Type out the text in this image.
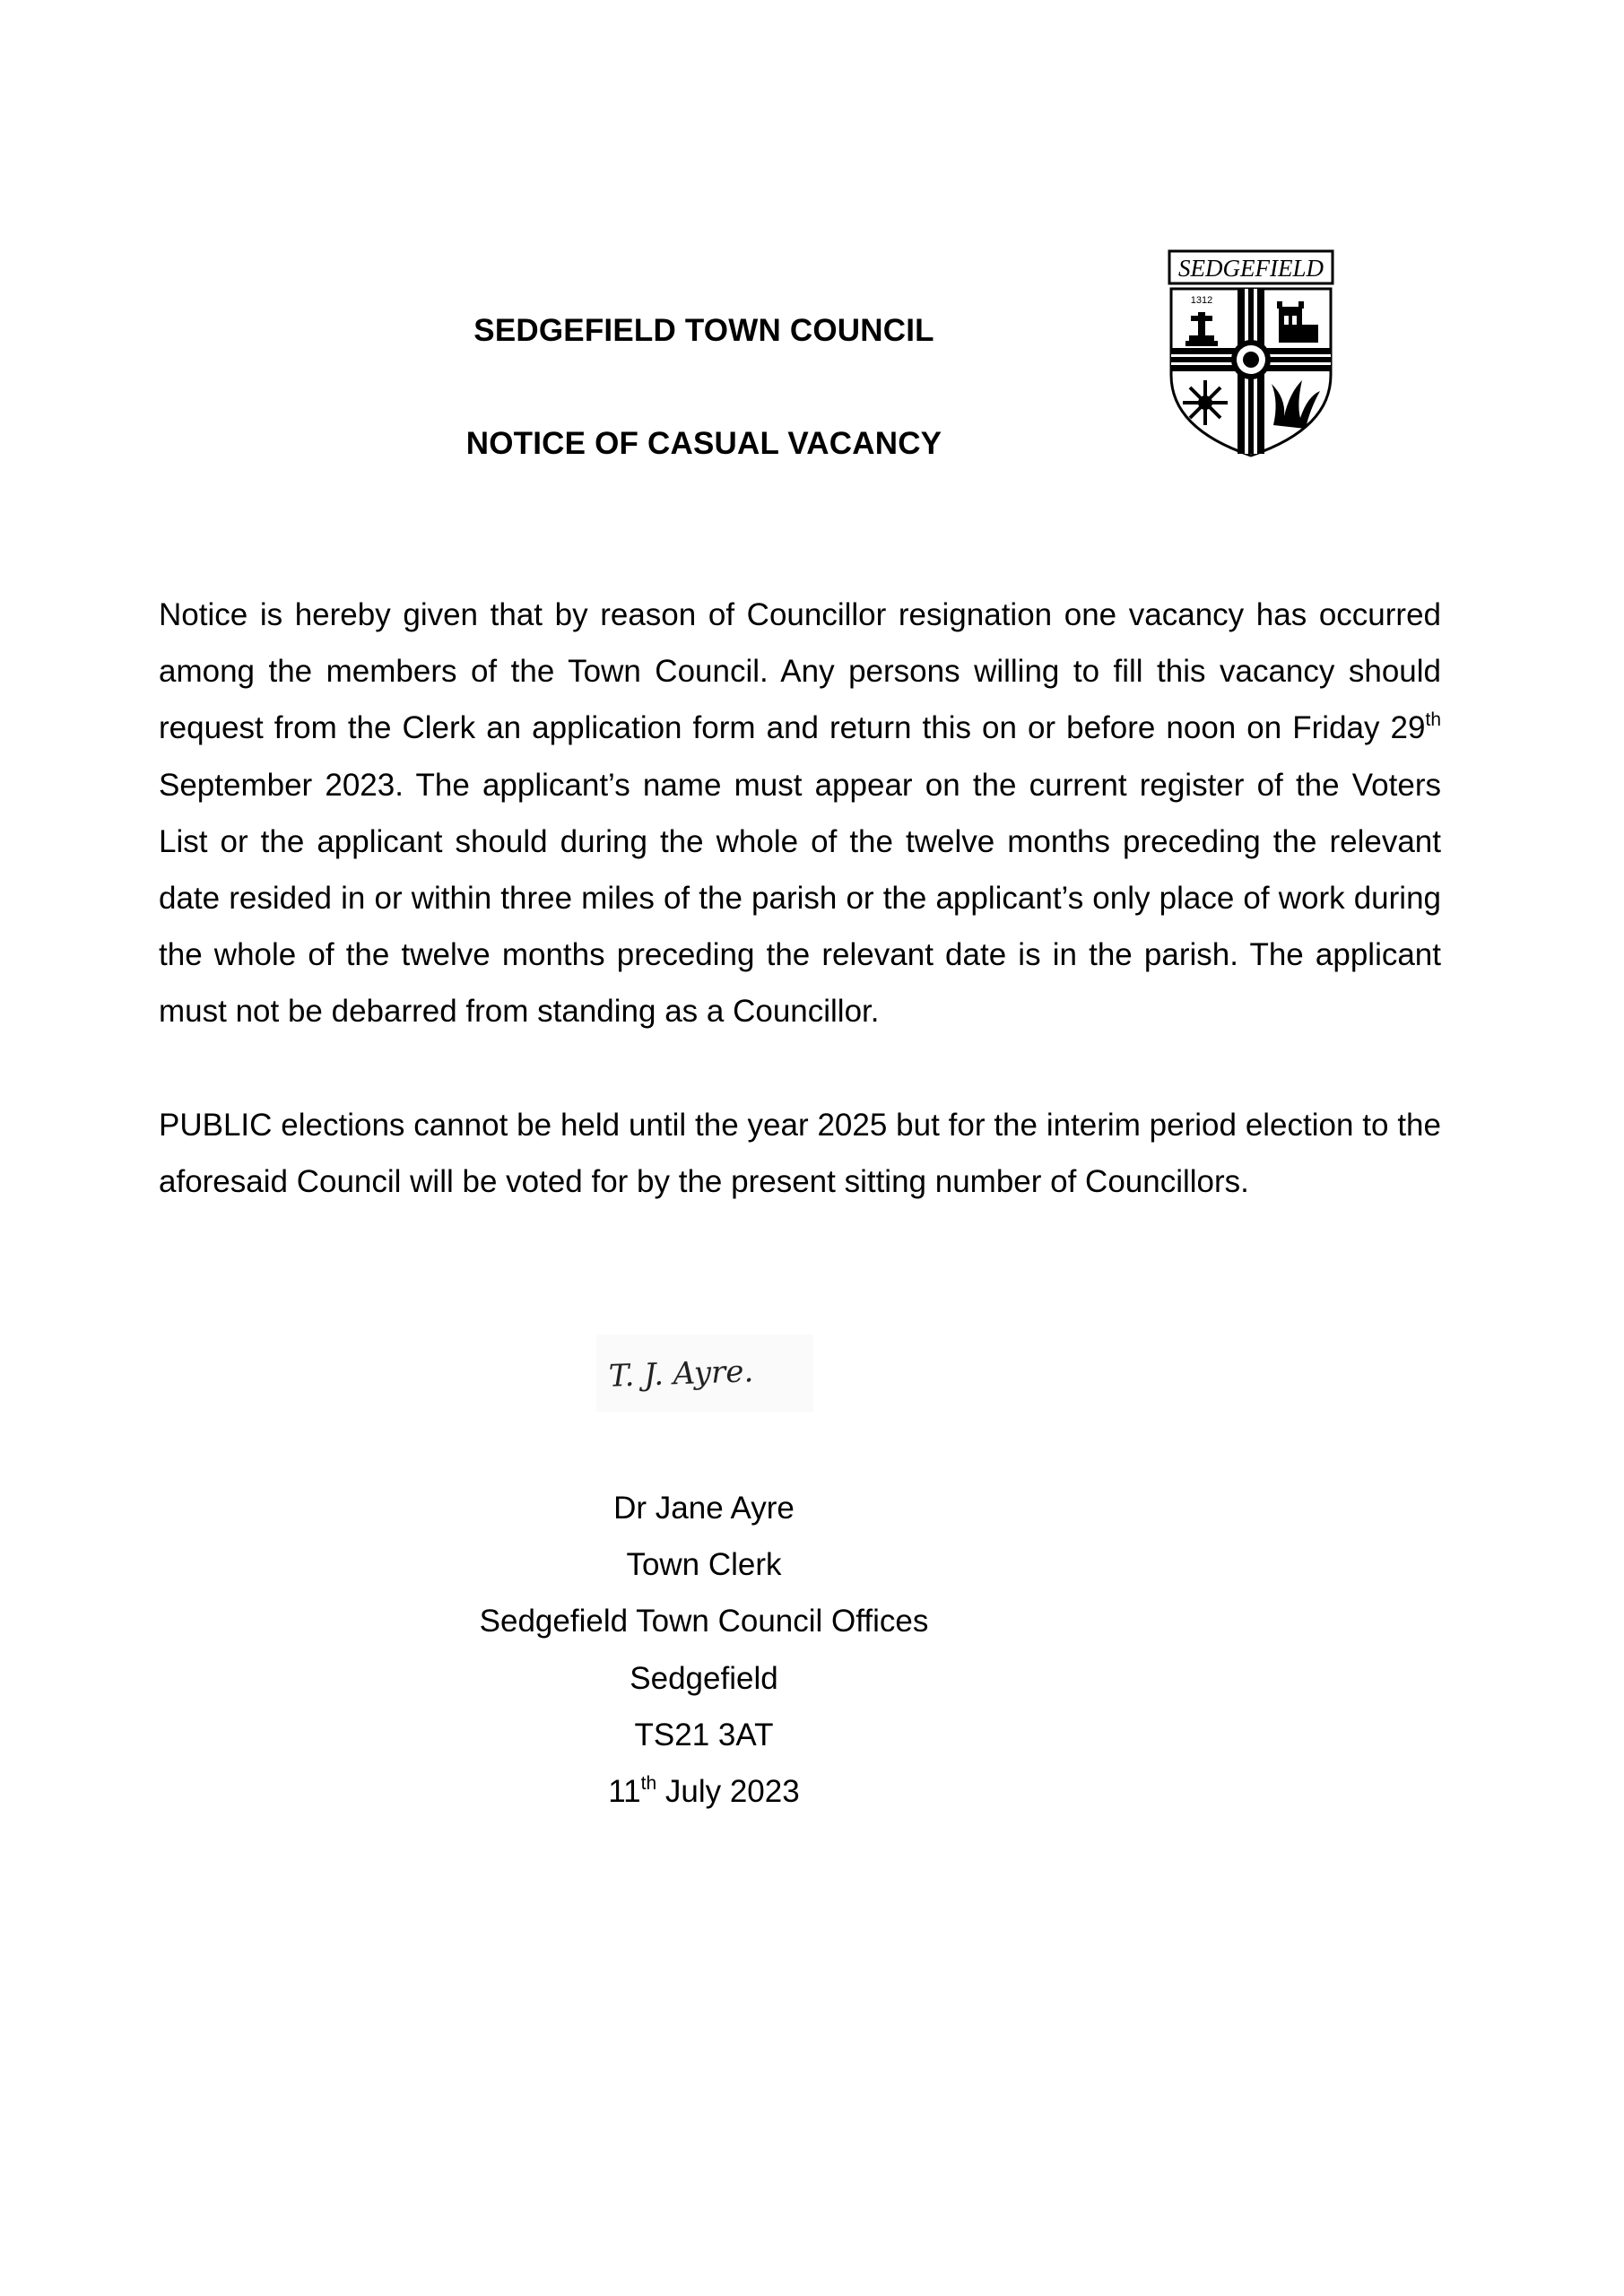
SEDGEFIELD TOWN COUNCIL
NOTICE OF CASUAL VACANCY
SEDGEFIELD
1312

Notice is hereby given that by reason of Councillor resignation one vacancy has occurred among the members of the Town Council. Any persons willing to fill this vacancy should request from the Clerk an application form and return this on or before noon on Friday 29th September 2023. The applicant’s name must appear on the current register of the Voters List or the applicant should during the whole of the twelve months preceding the relevant date resided in or within three miles of the parish or the applicant’s only place of work during the whole of the twelve months preceding the relevant date is in the parish. The applicant must not be debarred from standing as a Councillor.

PUBLIC elections cannot be held until the year 2025 but for the interim period election to the aforesaid Council will be voted for by the present sitting number of Councillors.

T. J. Ayre.
Dr Jane Ayre
Town Clerk
Sedgefield Town Council Offices
Sedgefield
TS21 3AT
11th July 2023
